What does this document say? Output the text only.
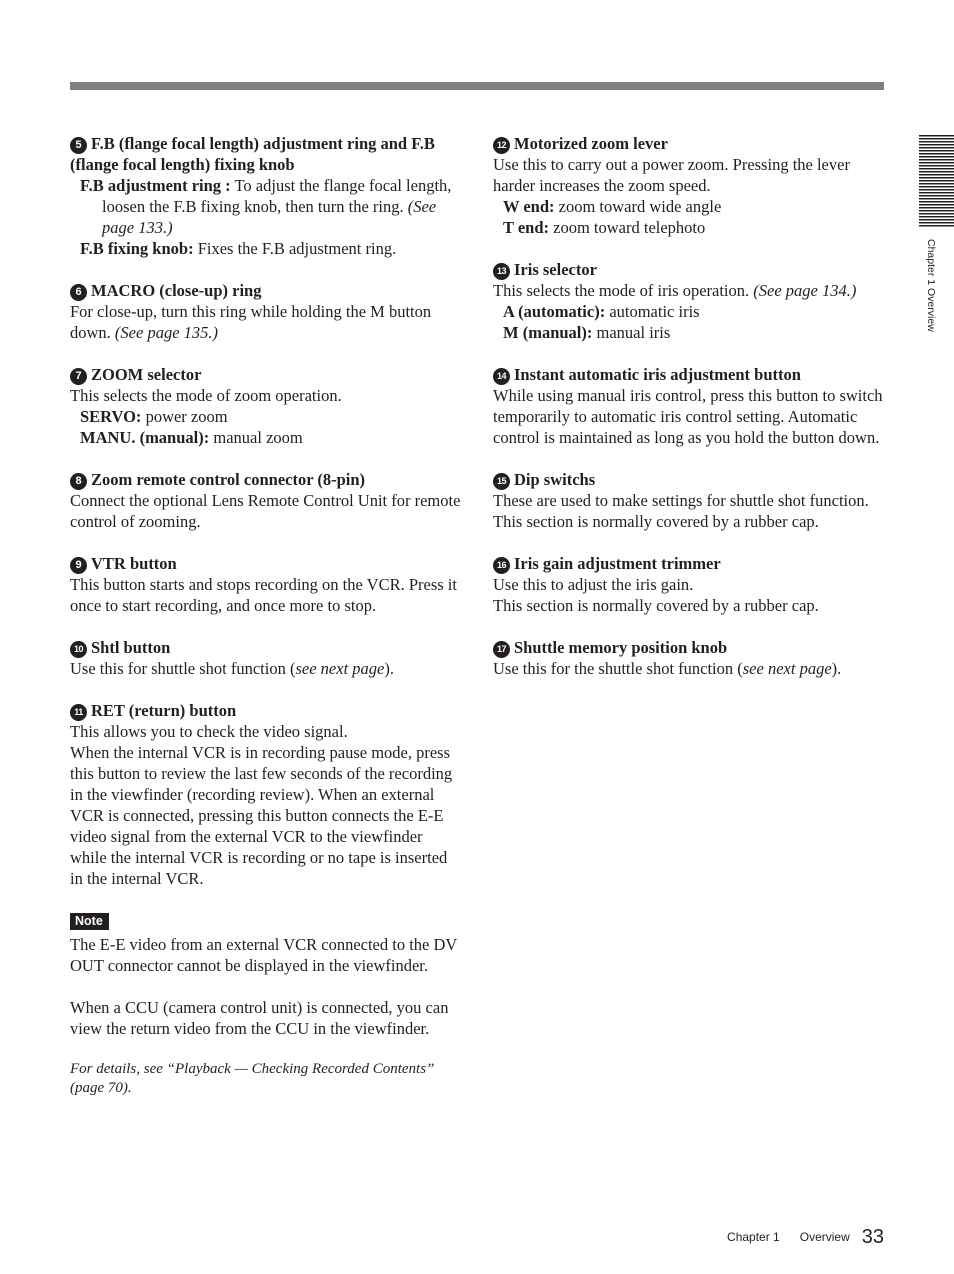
Chapter 1 Overview
5 F.B (flange focal length) adjustment ring and F.B (flange focal length) fixing knob
F.B adjustment ring : To adjust the flange focal length, loosen the F.B fixing knob, then turn the ring. (See page 133.)
F.B fixing knob: Fixes the F.B adjustment ring.
6 MACRO (close-up) ring
For close-up, turn this ring while holding the M button down. (See page 135.)
7 ZOOM selector
This selects the mode of zoom operation.
SERVO: power zoom
MANU. (manual): manual zoom
8 Zoom remote control connector (8-pin)
Connect the optional Lens Remote Control Unit for remote control of zooming.
9 VTR button
This button starts and stops recording on the VCR. Press it once to start recording, and once more to stop.
10 Shtl button
Use this for shuttle shot function (see next page).
11 RET (return) button
This allows you to check the video signal.
When the internal VCR is in recording pause mode, press this button to review the last few seconds of the recording in the viewfinder (recording review). When an external VCR is connected, pressing this button connects the E-E video signal from the external VCR to the viewfinder while the internal VCR is recording or no tape is inserted in the internal VCR.
Note
The E-E video from an external VCR connected to the DV OUT connector cannot be displayed in the viewfinder.
When a CCU (camera control unit) is connected, you can view the return video from the CCU in the viewfinder.
For details, see “Playback — Checking Recorded Contents” (page 70).
12 Motorized zoom lever
Use this to carry out a power zoom. Pressing the lever harder increases the zoom speed.
W end: zoom toward wide angle
T end: zoom toward telephoto
13 Iris selector
This selects the mode of iris operation. (See page 134.)
A (automatic): automatic iris
M (manual): manual iris
14 Instant automatic iris adjustment button
While using manual iris control, press this button to switch temporarily to automatic iris control setting. Automatic control is maintained as long as you hold the button down.
15 Dip switchs
These are used to make settings for shuttle shot function.
This section is normally covered by a rubber cap.
16 Iris gain adjustment trimmer
Use this to adjust the iris gain.
This section is normally covered by a rubber cap.
17 Shuttle memory position knob
Use this for the shuttle shot function (see next page).
Chapter 1 Overview 33
